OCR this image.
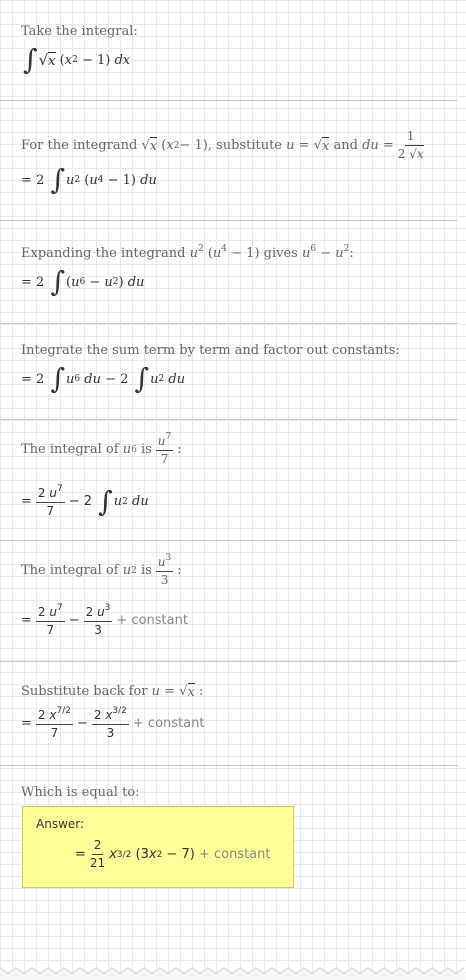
Take the integral:
∫ √ x ( x 2 − 1) d x
For the integrand
√ x ( x 2 − 1) , substitute
u = √ x
and
d $u = \frac{1}{2 √x}$
= 2 ∫ u 2 ( u 4 − 1) d u
Expanding the integrand $u^2$ $(u^4 - 1)$ gives $u^6 - u^2$:
= 2 ∫ ( u 6 − u 2 ) d u
Integrate the sum term by term and factor out constants:
= 2 ∫ u 6
d u − 2 ∫ u 2
d u
The integral of
u 6
is $\frac{u^7}{7}$ :
= $\frac{2 u^7}{7} - 2$
∫ u 2
d u
The integral of
u 2
is $\frac{u^3}{3}$ :
= $\frac{2 u^7}{7} - \frac{2 u^3}{3}$ + constant
Substitute back for
u = √ x :
= $\frac{2 x^{7/2}}{7} - \frac{2 x^{3/2}}{3}$ + constant
Which is equal to:
Answer:
= $\frac{2}{21}$ x 3/2 (3 x 2 − 7) + constant
